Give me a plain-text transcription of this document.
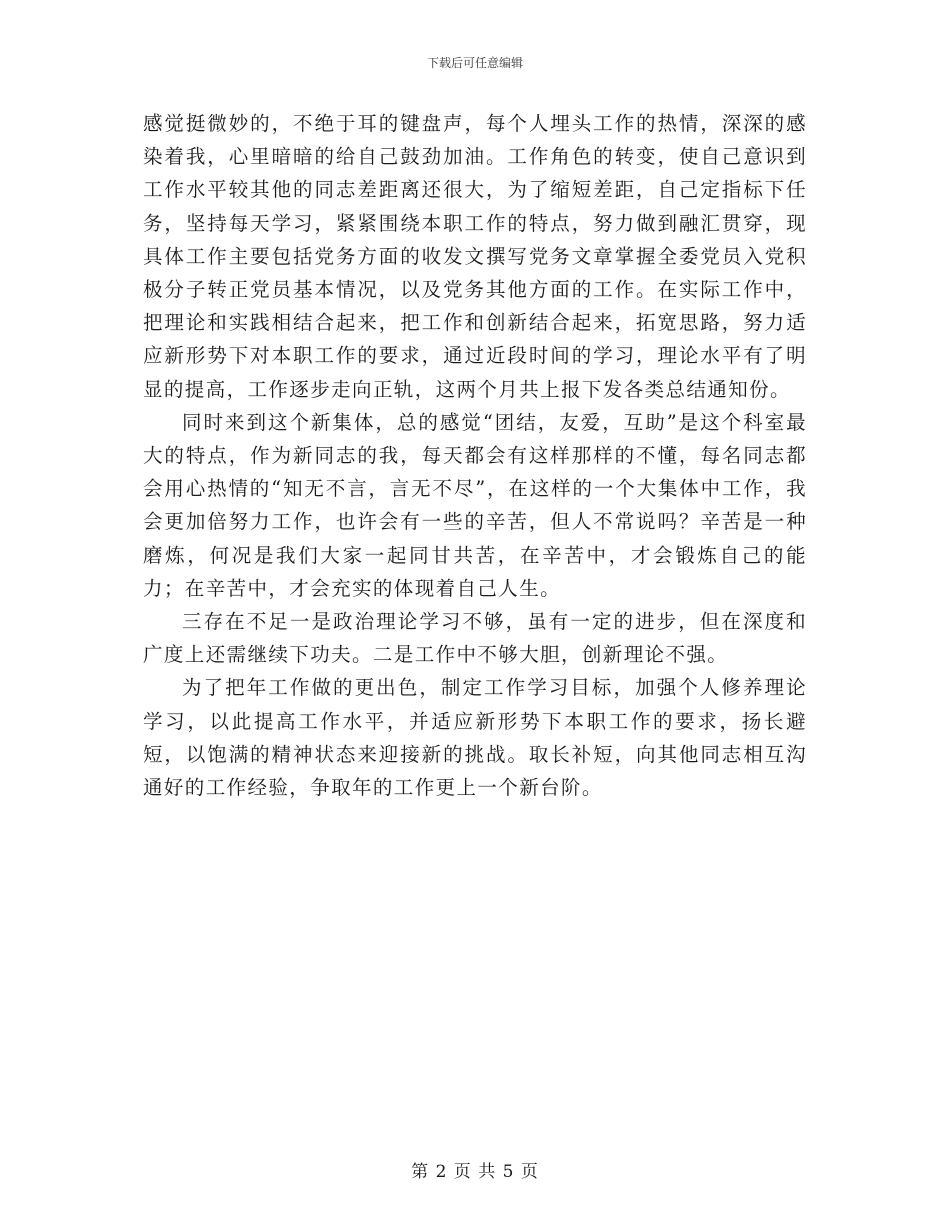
下载后可任意编辑

感觉挺微妙的，不绝于耳的键盘声，每个人埋头工作的热情，深深的感染着我，心里暗暗的给自己鼓劲加油。工作角色的转变，使自己意识到工作水平较其他的同志差距离还很大，为了缩短差距，自己定指标下任务，坚持每天学习，紧紧围绕本职工作的特点，努力做到融汇贯穿，现具体工作主要包括党务方面的收发文撰写党务文章掌握全委党员入党积极分子转正党员基本情况，以及党务其他方面的工作。在实际工作中，把理论和实践相结合起来，把工作和创新结合起来，拓宽思路，努力适应新形势下对本职工作的要求，通过近段时间的学习，理论水平有了明显的提高，工作逐步走向正轨，这两个月共上报下发各类总结通知份。

同时来到这个新集体，总的感觉“团结，友爱，互助”是这个科室最大的特点，作为新同志的我，每天都会有这样那样的不懂，每名同志都会用心热情的“知无不言，言无不尽”，在这样的一个大集体中工作，我会更加倍努力工作，也许会有一些的辛苦，但人不常说吗？辛苦是一种磨炼，何况是我们大家一起同甘共苦，在辛苦中，才会锻炼自己的能力；在辛苦中，才会充实的体现着自己人生。

三存在不足一是政治理论学习不够，虽有一定的进步，但在深度和广度上还需继续下功夫。二是工作中不够大胆，创新理论不强。

为了把年工作做的更出色，制定工作学习目标，加强个人修养理论学习，以此提高工作水平，并适应新形势下本职工作的要求，扬长避短，以饱满的精神状态来迎接新的挑战。取长补短，向其他同志相互沟通好的工作经验，争取年的工作更上一个新台阶。

第 2 页 共 5 页
